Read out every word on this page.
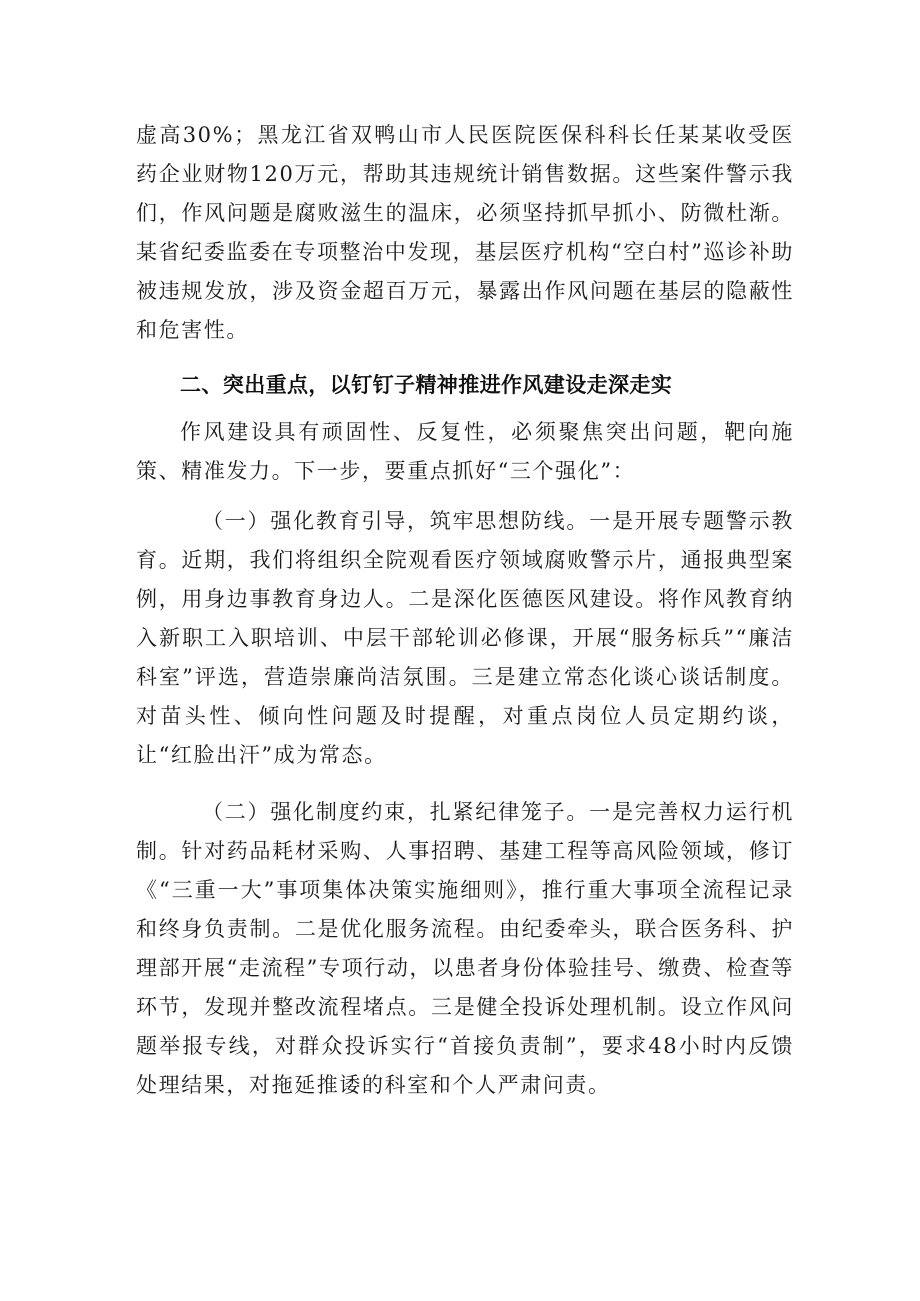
虚高30%；黑龙江省双鸭山市人民医院医保科科长任某某收受医药企业财物120万元，帮助其违规统计销售数据。这些案件警示我们，作风问题是腐败滋生的温床，必须坚持抓早抓小、防微杜渐。某省纪委监委在专项整治中发现，基层医疗机构“空白村”巡诊补助被违规发放，涉及资金超百万元，暴露出作风问题在基层的隐蔽性和危害性。

二、突出重点，以钉钉子精神推进作风建设走深走实

作风建设具有顽固性、反复性，必须聚焦突出问题，靶向施策、精准发力。下一步，要重点抓好“三个强化”：

（一）强化教育引导，筑牢思想防线。一是开展专题警示教育。近期，我们将组织全院观看医疗领域腐败警示片，通报典型案例，用身边事教育身边人。二是深化医德医风建设。将作风教育纳入新职工入职培训、中层干部轮训必修课，开展“服务标兵”“廉洁科室”评选，营造崇廉尚洁氛围。三是建立常态化谈心谈话制度。对苗头性、倾向性问题及时提醒，对重点岗位人员定期约谈，让“红脸出汗”成为常态。

（二）强化制度约束，扎紧纪律笼子。一是完善权力运行机制。针对药品耗材采购、人事招聘、基建工程等高风险领域，修订《“三重一大”事项集体决策实施细则》，推行重大事项全流程记录和终身负责制。二是优化服务流程。由纪委牵头，联合医务科、护理部开展“走流程”专项行动，以患者身份体验挂号、缴费、检查等环节，发现并整改流程堵点。三是健全投诉处理机制。设立作风问题举报专线，对群众投诉实行“首接负责制”，要求48小时内反馈处理结果，对拖延推诿的科室和个人严肃问责。
